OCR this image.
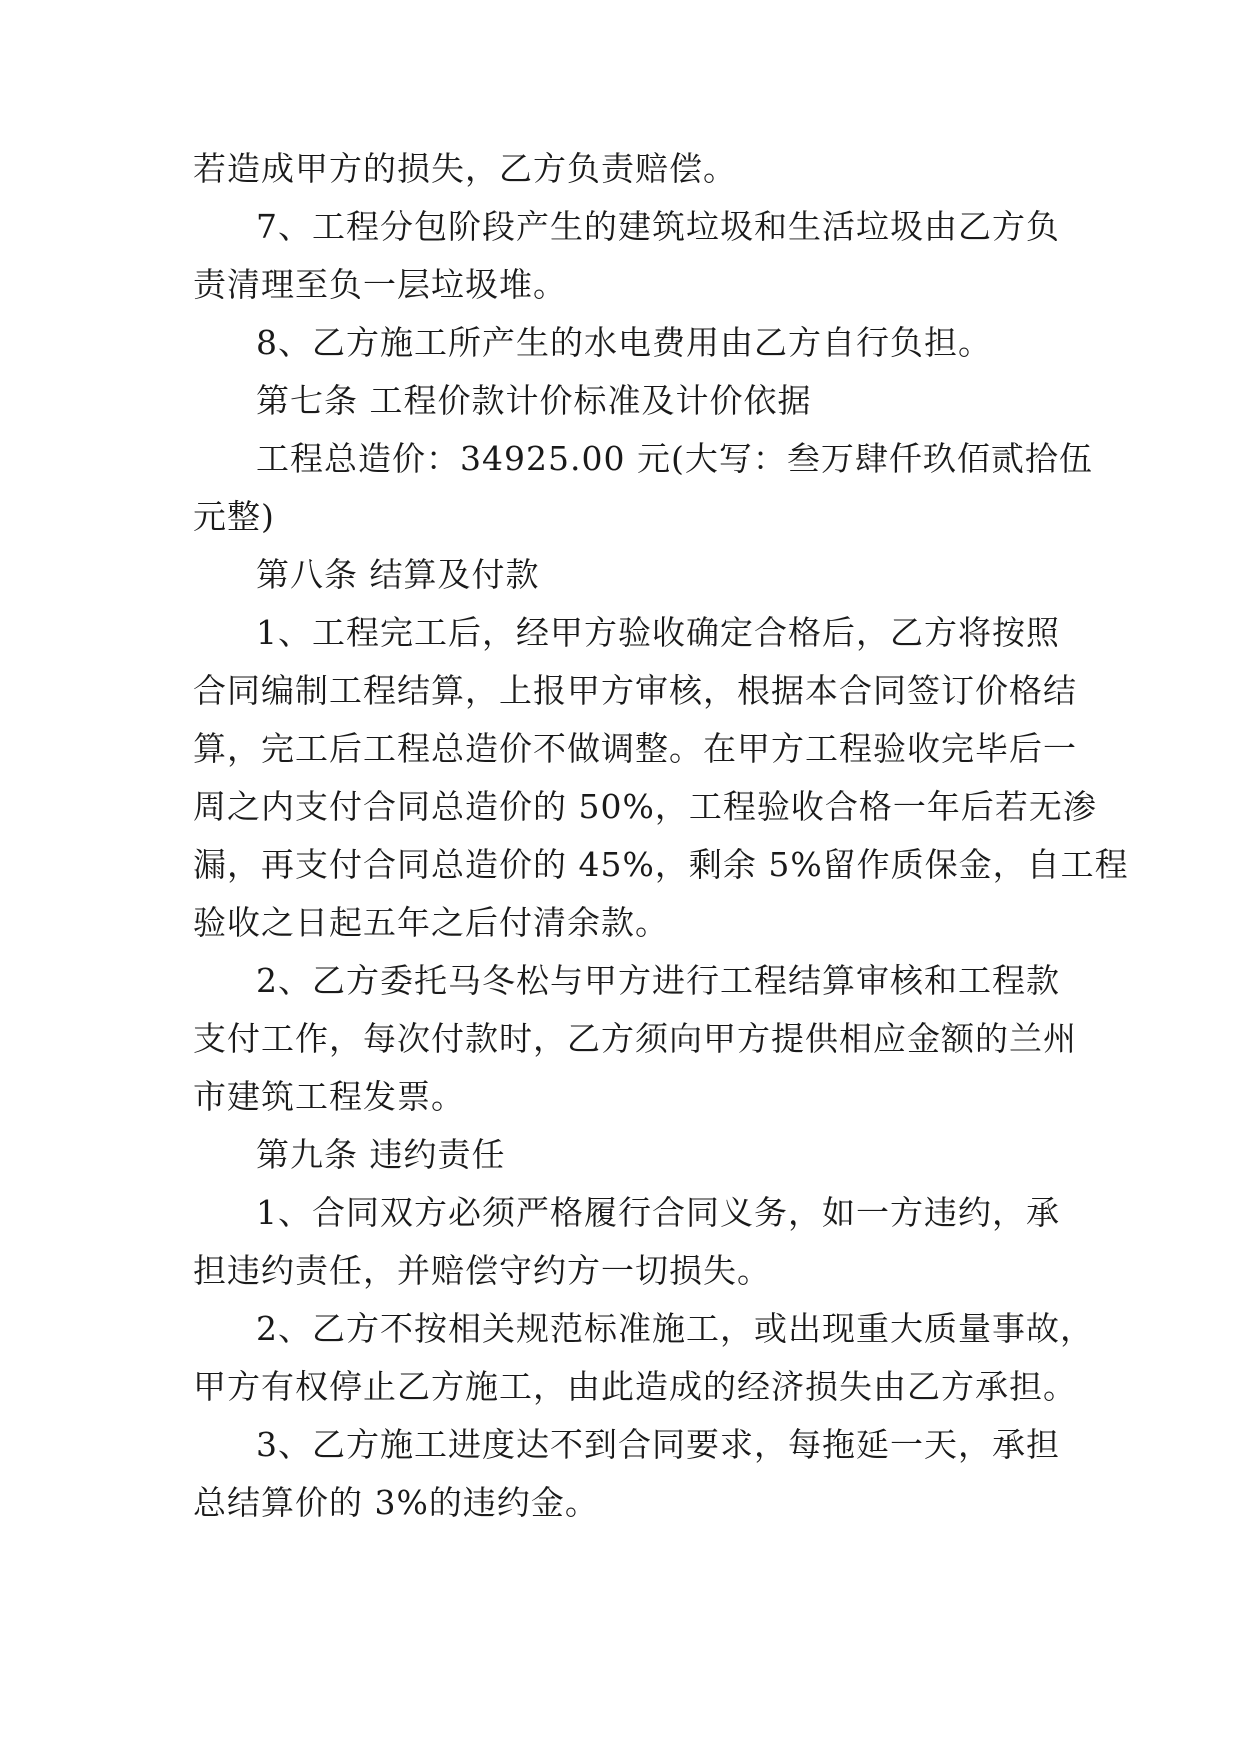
若造成甲方的损失，乙方负责赔偿。
7、工程分包阶段产生的建筑垃圾和生活垃圾由乙方负
责清理至负一层垃圾堆。
8、乙方施工所产生的水电费用由乙方自行负担。
第七条 工程价款计价标准及计价依据
工程总造价：34925.00 元(大写：叁万肆仟玖佰贰拾伍
元整)
第八条 结算及付款
1、工程完工后，经甲方验收确定合格后，乙方将按照
合同编制工程结算，上报甲方审核，根据本合同签订价格结
算，完工后工程总造价不做调整。在甲方工程验收完毕后一
周之内支付合同总造价的 50%，工程验收合格一年后若无渗
漏，再支付合同总造价的 45%，剩余 5%留作质保金，自工程
验收之日起五年之后付清余款。
2、乙方委托马冬松与甲方进行工程结算审核和工程款
支付工作，每次付款时，乙方须向甲方提供相应金额的兰州
市建筑工程发票。
第九条 违约责任
1、合同双方必须严格履行合同义务，如一方违约，承
担违约责任，并赔偿守约方一切损失。
2、乙方不按相关规范标准施工，或出现重大质量事故，
甲方有权停止乙方施工，由此造成的经济损失由乙方承担。
3、乙方施工进度达不到合同要求，每拖延一天，承担
总结算价的 3%的违约金。
